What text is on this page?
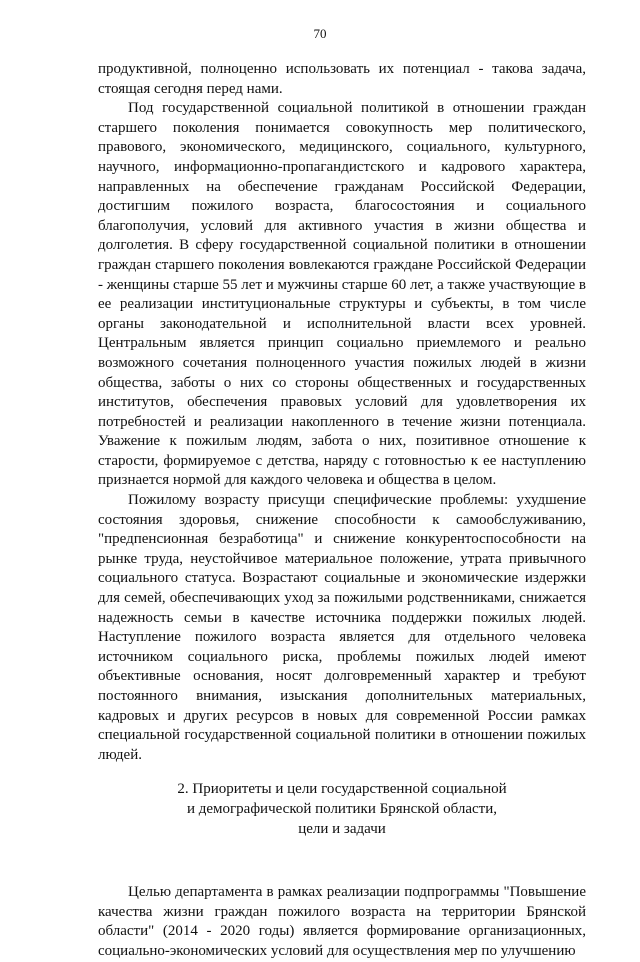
70

продуктивной, полноценно использовать их потенциал - такова задача, стоящая сегодня перед нами.

Под государственной социальной политикой в отношении граждан старшего поколения понимается совокупность мер политического, правового, экономического, медицинского, социального, культурного, научного, информационно-пропагандистского и кадрового характера, направленных на обеспечение гражданам Российской Федерации, достигшим пожилого возраста, благосостояния и социального благополучия, условий для активного участия в жизни общества и долголетия. В сферу государственной социальной политики в отношении граждан старшего поколения вовлекаются граждане Российской Федерации - женщины старше 55 лет и мужчины старше 60 лет, а также участвующие в ее реализации институциональные структуры и субъекты, в том числе органы законодательной и исполнительной власти всех уровней. Центральным является принцип социально приемлемого и реально возможного сочетания полноценного участия пожилых людей в жизни общества, заботы о них со стороны общественных и государственных институтов, обеспечения правовых условий для удовлетворения их потребностей и реализации накопленного в течение жизни потенциала. Уважение к пожилым людям, забота о них, позитивное отношение к старости, формируемое с детства, наряду с готовностью к ее наступлению признается нормой для каждого человека и общества в целом.

Пожилому возрасту присущи специфические проблемы: ухудшение состояния здоровья, снижение способности к самообслуживанию, "предпенсионная безработица" и снижение конкурентоспособности на рынке труда, неустойчивое материальное положение, утрата привычного социального статуса. Возрастают социальные и экономические издержки для семей, обеспечивающих уход за пожилыми родственниками, снижается надежность семьи в качестве источника поддержки пожилых людей. Наступление пожилого возраста является для отдельного человека источником социального риска, проблемы пожилых людей имеют объективные основания, носят долговременный характер и требуют постоянного внимания, изыскания дополнительных материальных, кадровых и других ресурсов в новых для современной России рамках специальной государственной социальной политики в отношении пожилых людей.

2. Приоритеты и цели государственной социальной
и демографической политики Брянской области,
цели и задачи

Целью департамента в рамках реализации подпрограммы "Повышение качества жизни граждан пожилого возраста на территории Брянской области" (2014 - 2020 годы) является формирование организационных, социально-экономических условий для осуществления мер по улучшению
